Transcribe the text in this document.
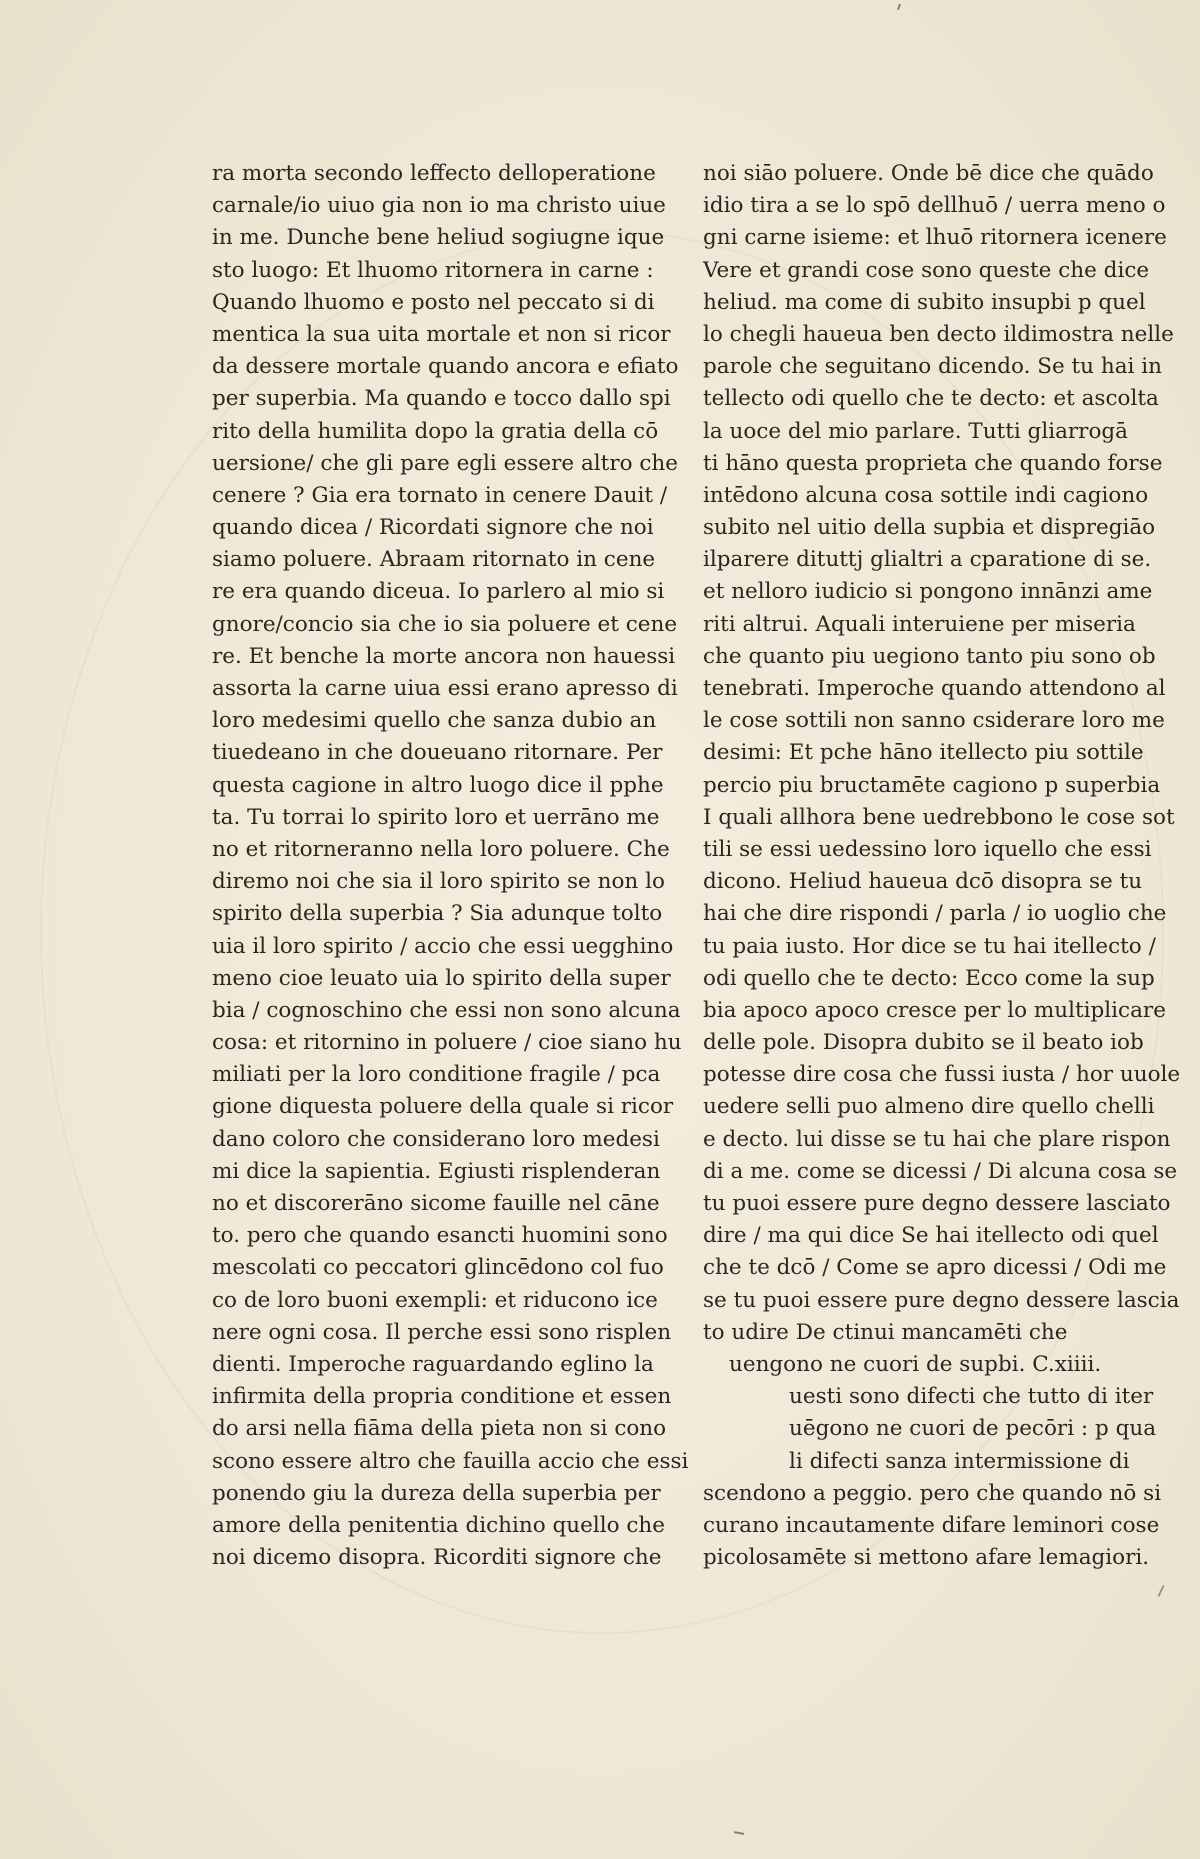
ra morta secondo leffecto delloperatione
carnale/io uiuo gia non io ma christo uiue
in me. Dunche bene heliud sogiugne ique
sto luogo: Et lhuomo ritornera in carne :
Quando lhuomo e posto nel peccato si di
mentica la sua uita mortale et non si ricor
da dessere mortale quando ancora e efiato
per superbia. Ma quando e tocco dallo spi
rito della humilita dopo la gratia della cō
uersione/ che gli pare egli essere altro che
cenere ? Gia era tornato in cenere Dauit /
quando dicea / Ricordati signore che noi
siamo poluere. Abraam ritornato in cene
re era quando diceua. Io parlero al mio si
gnore/concio sia che io sia poluere et cene
re. Et benche la morte ancora non hauessi
assorta la carne uiua essi erano apresso di
loro medesimi quello che sanza dubio an
tiuedeano in che doueuano ritornare. Per
questa cagione in altro luogo dice il pphe
ta. Tu torrai lo spirito loro et uerrāno me
no et ritorneranno nella loro poluere. Che
diremo noi che sia il loro spirito se non lo
spirito della superbia ? Sia adunque tolto
uia il loro spirito / accio che essi uegghino
meno cioe leuato uia lo spirito della super
bia / cognoschino che essi non sono alcuna
cosa: et ritornino in poluere / cioe siano hu
miliati per la loro conditione fragile / pca
gione diquesta poluere della quale si ricor
dano coloro che considerano loro medesi
mi dice la sapientia. Egiusti risplenderan
no et discorerāno sicome fauille nel cāne
to. pero che quando esancti huomini sono
mescolati co peccatori glincēdono col fuo
co de loro buoni exempli: et riducono ice
nere ogni cosa. Il perche essi sono risplen
dienti. Imperoche raguardando eglino la
infirmita della propria conditione et essen
do arsi nella fiāma della pieta non si cono
scono essere altro che fauilla accio che essi
ponendo giu la dureza della superbia per
amore della penitentia dichino quello che
noi dicemo disopra. Ricorditi signore che
noi siāo poluere. Onde bē dice che quādo
idio tira a se lo spō dellhuō / uerra meno o
gni carne isieme: et lhuō ritornera icenere
Vere et grandi cose sono queste che dice
heliud. ma come di subito insupbi p quel
lo chegli haueua ben decto ildimostra nelle
parole che seguitano dicendo. Se tu hai in
tellecto odi quello che te decto: et ascolta
la uoce del mio parlare. Tutti gliarrogā
ti hāno questa proprieta che quando forse
intēdono alcuna cosa sottile indi cagiono
subito nel uitio della supbia et dispregiāo
ilparere dituttj glialtri a cparatione di se.
et nelloro iudicio si pongono innānzi ame
riti altrui. Aquali interuiene per miseria
che quanto piu uegiono tanto piu sono ob
tenebrati. Imperoche quando attendono al
le cose sottili non sanno csiderare loro me
desimi: Et pche hāno itellecto piu sottile
percio piu bructamēte cagiono p superbia
I quali allhora bene uedrebbono le cose sot
tili se essi uedessino loro iquello che essi
dicono. Heliud haueua dcō disopra se tu
hai che dire rispondi / parla / io uoglio che
tu paia iusto. Hor dice se tu hai itellecto /
odi quello che te decto: Ecco come la sup
bia apoco apoco cresce per lo multiplicare
delle pole. Disopra dubito se il beato iob
potesse dire cosa che fussi iusta / hor uuole
uedere selli puo almeno dire quello chelli
e decto. lui disse se tu hai che plare rispon
di a me. come se dicessi / Di alcuna cosa se
tu puoi essere pure degno dessere lasciato
dire / ma qui dice Se hai itellecto odi quel
che te dcō / Come se apro dicessi / Odi me
se tu puoi essere pure degno dessere lascia
to udire De ctinui mancamēti che
uengono ne cuori de supbi. C.xiiii.
uesti sono difecti che tutto di iter
uēgono ne cuori de pecōri : p qua
li difecti sanza intermissione di
scendono a peggio. pero che quando nō si
curano incautamente difare leminori cose
picolosamēte si mettono afare lemagiori.
